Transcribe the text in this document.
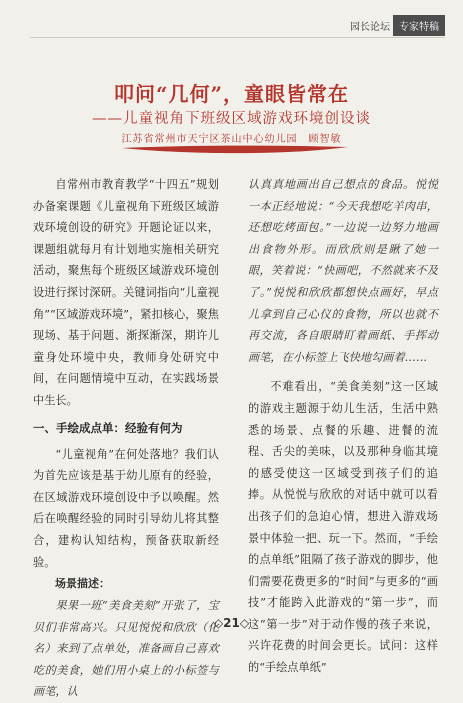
园长论坛 专家特稿
叩问“几何”，童眼皆常在
——儿童视角下班级区域游戏环境创设谈
江苏省常州市天宁区茶山中心幼儿园　顾智敏

自常州市教育教学“十四五”规划办备案课题《儿童视角下班级区域游戏环境创设的研究》开题论证以来，课题组就每月有计划地实施相关研究活动，聚焦每个班级区域游戏环境创设进行探讨深研。关键词指向“儿童视角”“区域游戏环境”，紧扣核心，聚焦现场、基于问题、渐探渐深，期许儿童身处环境中央，教师身处研究中间，在问题情境中互动，在实践场景中生长。

一、手绘成点单：经验有何为

“儿童视角”在何处落地？我们认为首先应该是基于幼儿原有的经验，在区域游戏环境创设中予以唤醒。然后在唤醒经验的同时引导幼儿将其整合，建构认知结构，预备获取新经验。

场景描述：

果果一班“美食美刻”开张了，宝贝们非常高兴。只见悦悦和欣欣（化名）来到了点单处，准备画自己喜欢吃的美食，她们用小桌上的小标签与画笔，认

认真真地画出自己想点的食品。悦悦一本正经地说：“今天我想吃羊肉串，还想吃烤面包。”一边说一边努力地画出食物外形。而欣欣则是瞅了她一眼，笑着说：“快画吧，不然就来不及了。”悦悦和欣欣都想快点画好，早点儿拿到自己心仪的食物，所以也就不再交流，各自眼睛盯着画纸、手挥动画笔，在小标签上飞快地勾画着……

不难看出，“美食美刻”这一区域的游戏主题源于幼儿生活，生活中熟悉的场景、点餐的乐趣、进餐的流程、舌尖的美味，以及那种身临其境的感受使这一区域受到孩子们的追捧。从悦悦与欣欣的对话中就可以看出孩子们的急迫心情，想进入游戏场景中体验一把、玩一下。然而，“手绘的点单纸”阻隔了孩子游戏的脚步，他们需要花费更多的“时间”与更多的“画技”才能跨入此游戏的“第一步”，而这“第一步”对于动作慢的孩子来说，兴许花费的时间会更长。试问：这样的“手绘点单纸”

◇21◇
